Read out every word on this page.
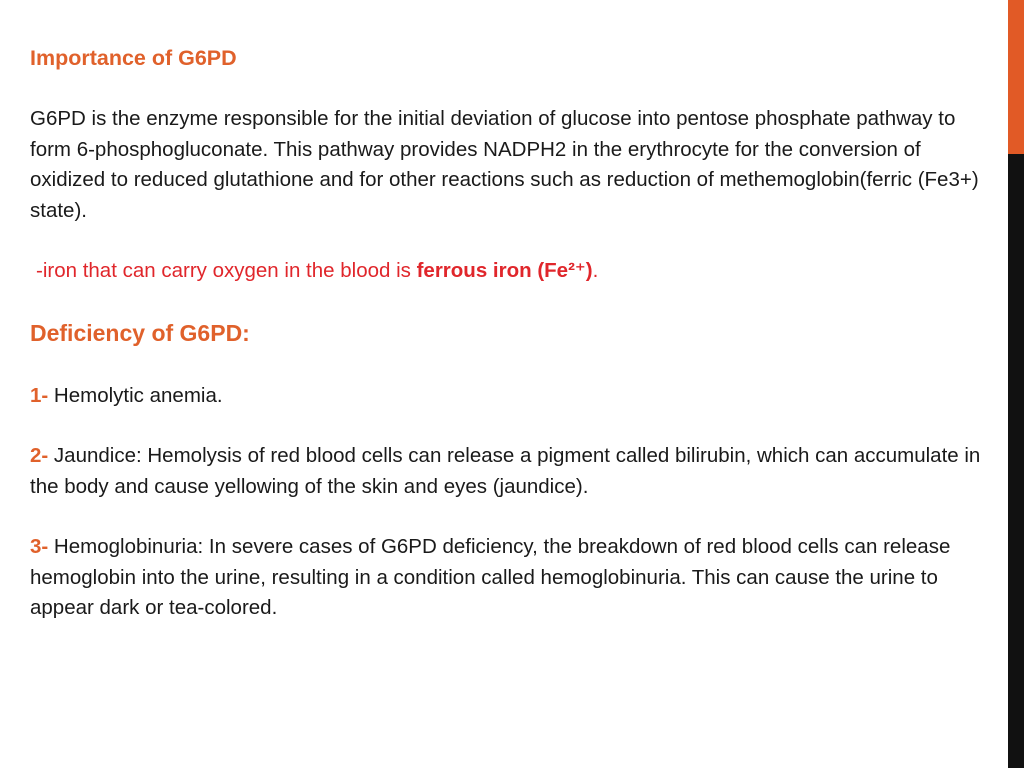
Importance of G6PD

G6PD is the enzyme responsible for the initial deviation of glucose into pentose phosphate pathway to form 6-phosphogluconate. This pathway provides NADPH2 in the erythrocyte for the conversion of oxidized to reduced glutathione and for other reactions such as reduction of methemoglobin(ferric (Fe3+) state).

-iron that can carry oxygen in the blood is ferrous iron (Fe²⁺).

Deficiency of G6PD:

1- Hemolytic anemia.

2- Jaundice: Hemolysis of red blood cells can release a pigment called bilirubin, which can accumulate in the body and cause yellowing of the skin and eyes (jaundice).

3- Hemoglobinuria: In severe cases of G6PD deficiency, the breakdown of red blood cells can release hemoglobin into the urine, resulting in a condition called hemoglobinuria. This can cause the urine to appear dark or tea-colored.
